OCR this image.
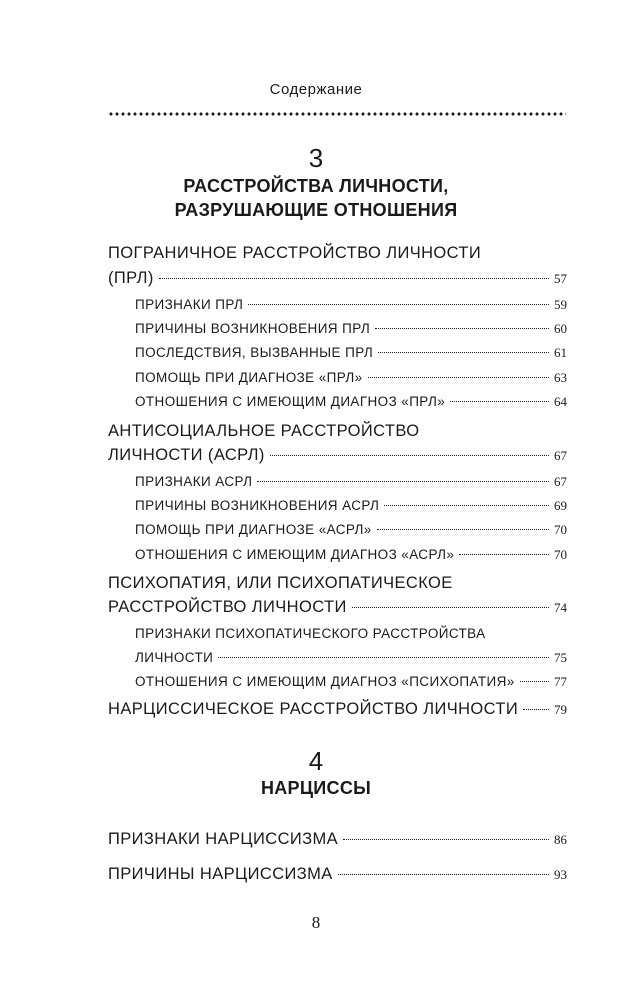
Содержание
3
РАССТРОЙСТВА ЛИЧНОСТИ,
РАЗРУШАЮЩИЕ ОТНОШЕНИЯ
ПОГРАНИЧНОЕ РАССТРОЙСТВО ЛИЧНОСТИ
(ПРЛ)	57
ПРИЗНАКИ ПРЛ	59
ПРИЧИНЫ ВОЗНИКНОВЕНИЯ ПРЛ	60
ПОСЛЕДСТВИЯ, ВЫЗВАННЫЕ ПРЛ	61
ПОМОЩЬ ПРИ ДИАГНОЗЕ «ПРЛ»	63
ОТНОШЕНИЯ С ИМЕЮЩИМ ДИАГНОЗ «ПРЛ»	64
АНТИСОЦИАЛЬНОЕ РАССТРОЙСТВО
ЛИЧНОСТИ (АСРЛ)	67
ПРИЗНАКИ АСРЛ	67
ПРИЧИНЫ ВОЗНИКНОВЕНИЯ АСРЛ	69
ПОМОЩЬ ПРИ ДИАГНОЗЕ «АСРЛ»	70
ОТНОШЕНИЯ С ИМЕЮЩИМ ДИАГНОЗ «АСРЛ»	70
ПСИХОПАТИЯ, ИЛИ ПСИХОПАТИЧЕСКОЕ
РАССТРОЙСТВО ЛИЧНОСТИ	74
ПРИЗНАКИ ПСИХОПАТИЧЕСКОГО РАССТРОЙСТВА
ЛИЧНОСТИ	75
ОТНОШЕНИЯ С ИМЕЮЩИМ ДИАГНОЗ «ПСИХОПАТИЯ»	77
НАРЦИССИЧЕСКОЕ РАССТРОЙСТВО ЛИЧНОСТИ	79
4
НАРЦИССЫ
ПРИЗНАКИ НАРЦИССИЗМА	86
ПРИЧИНЫ НАРЦИССИЗМА	93
8
